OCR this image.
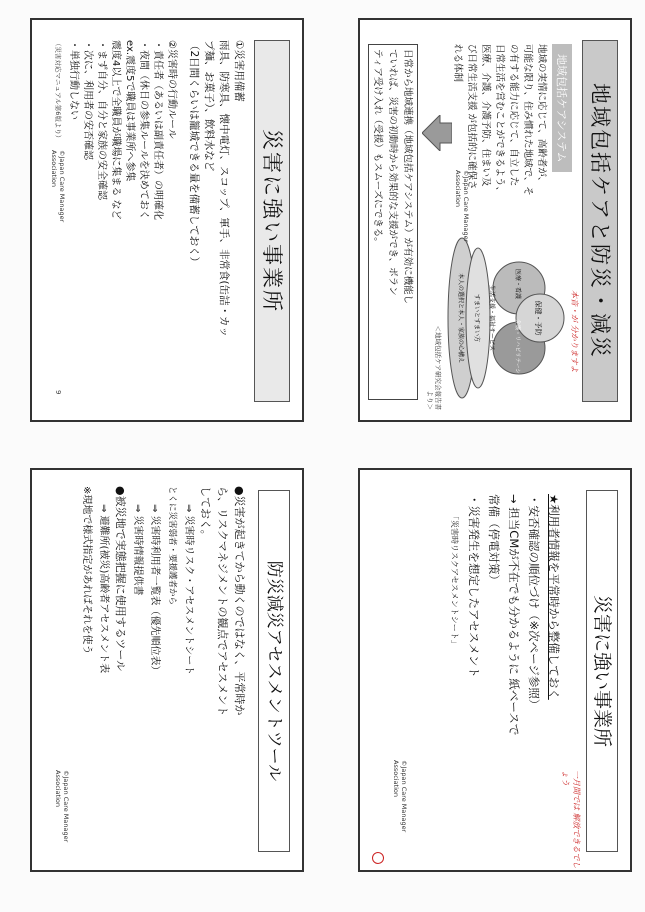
地域包括ケアと防災・減災
本音・が 分かりますよ
地域包括ケアシステム

地域の実情に応じて、高齢者が、

可能な限り、住み慣れた地域で、そ

の有する能力に応じて、自立した

日常生活を営むことができるよう、

医療、介護、介護予防、住まい及

び日常生活支援 が包括的に確保さ

れる体制

保健・予防
医療・看護
介護・リハビリテーション
生活支援・福祉サービス
すまいとすまい方
本人の選択と本人・家族の心構え
＜地域包括ケア研究会報告書より＞

日常から地域連携（地域包括ケアシステム）が有効に機能し

ていれば、災害の初動時から効果的な支援ができ、ボラン

ティア受け入れ（受援）もスムーズにできる。	©Japan Care Manager
Association
災害に強い事業所

①災害用備蓄

雨具、防寒具、懐中電灯、スコップ、軍手、非常食(缶詰・カッ

プ麺、お菓子）、飲料水など

（2日間くらいは籠城できる量を備蓄しておく）

②災害時の行動ルール

・責任者（あるいは副責任者）の明確化

・夜間（休日の参集ルールを決めておく

ex.震度5で職員は事業所へ参集

震度4以上で全職員が職場に集まる など

・まず自分、自分と家族の安全確認

・次に、利用者の安否確認

・単独行動しない

（災害対応マニュアル第6版より）
©Japan Care Manager
Association
9
災害に強い事業所
一月間では 解放できるでしょう

★利用者情報を平常時から整備しておく

・安否確認の順位づけ（※次ページ参照）

→ 担当CMが不在でも分かるように 紙ベースで

常備（停電対策）

・災害発生を想定したアセスメント

「災害時リスクアセスメントシート」

©Japan Care Manager
Association
防災減災アセスメントツール

●災害が起きてから動くのではなく、平常時か

ら、リスクマネジメントの観点でアセスメント

しておく。

⇒ 災害時リスク・アセスメントシート

とくに災害弱者・要援護者から

⇒ 災害時利用者一覧表（優先順位表）

⇒ 災害時情報提供書

●被災地で実態把握に使用するツール

⇒ 避難所(被災)高齢者アセスメント表

※現地で様式指定があればそれを使う

©Japan Care Manager
Association
